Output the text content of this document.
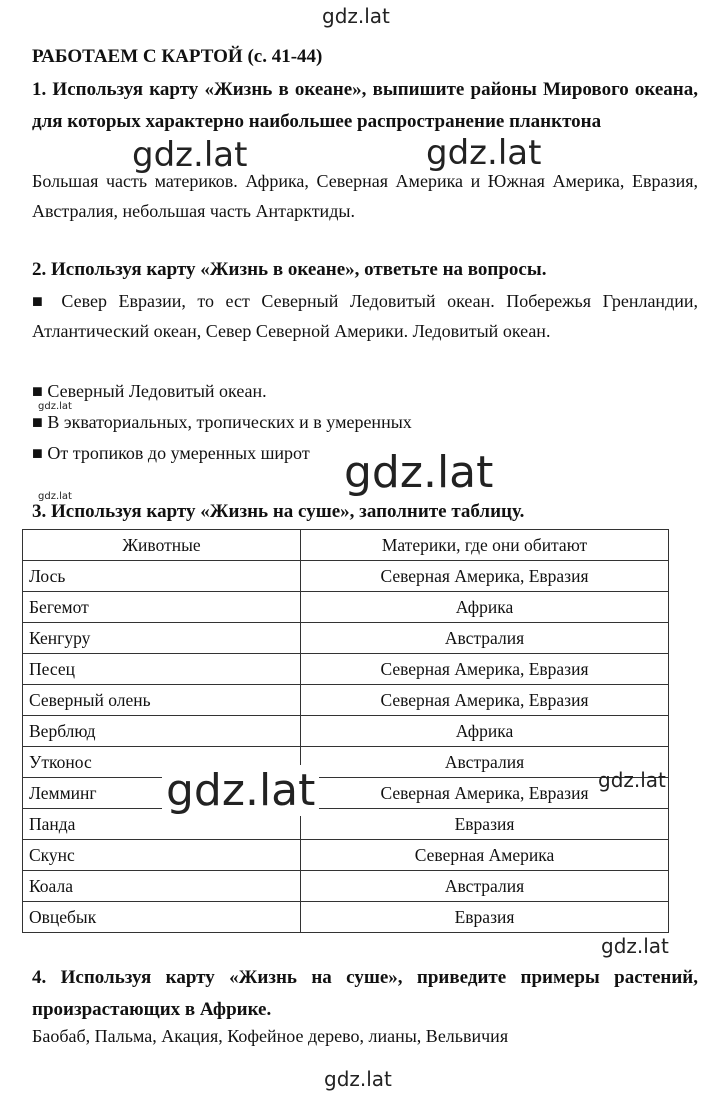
gdz.lat
РАБОТАЕМ С КАРТОЙ (с. 41-44)
1. Используя карту «Жизнь в океане», выпишите районы Мирового океана, для которых характерно наибольшее распространение планктона
gdz.lat	gdz.lat
Большая часть материков. Африка, Северная Америка и Южная Америка, Евразия, Австралия, небольшая часть Антарктиды.
2. Используя карту «Жизнь в океане», ответьте на вопросы.
■ Север Евразии, то ест Северный Ледовитый океан. Побережья Гренландии, Атлантический океан, Север Северной Америки. Ледовитый океан.
■ Северный Ледовитый океан.
gdz.lat
■ В экваториальных, тропических и в умеренных
■ От тропиков до умеренных широт gdz.lat
gdz.lat
3. Используя карту «Жизнь на суше», заполните таблицу.
Животные	Материки, где они обитают
Лось	Северная Америка, Евразия
Бегемот	Африка
Кенгуру	Австралия
Песец	Северная Америка, Евразия
Северный олень	Северная Америка, Евразия
Верблюд	Африка
Утконос	Австралия
Лемминг	Северная Америка, Евразия
Панда	Евразия
Скунс	Северная Америка
Коала	Австралия
Овцебык	Евразия
gdz.lat	gdz.lat
gdz.lat
4. Используя карту «Жизнь на суше», приведите примеры растений, произрастающих в Африке.
Баобаб, Пальма, Акация, Кофейное дерево, лианы, Вельвичия
gdz.lat
